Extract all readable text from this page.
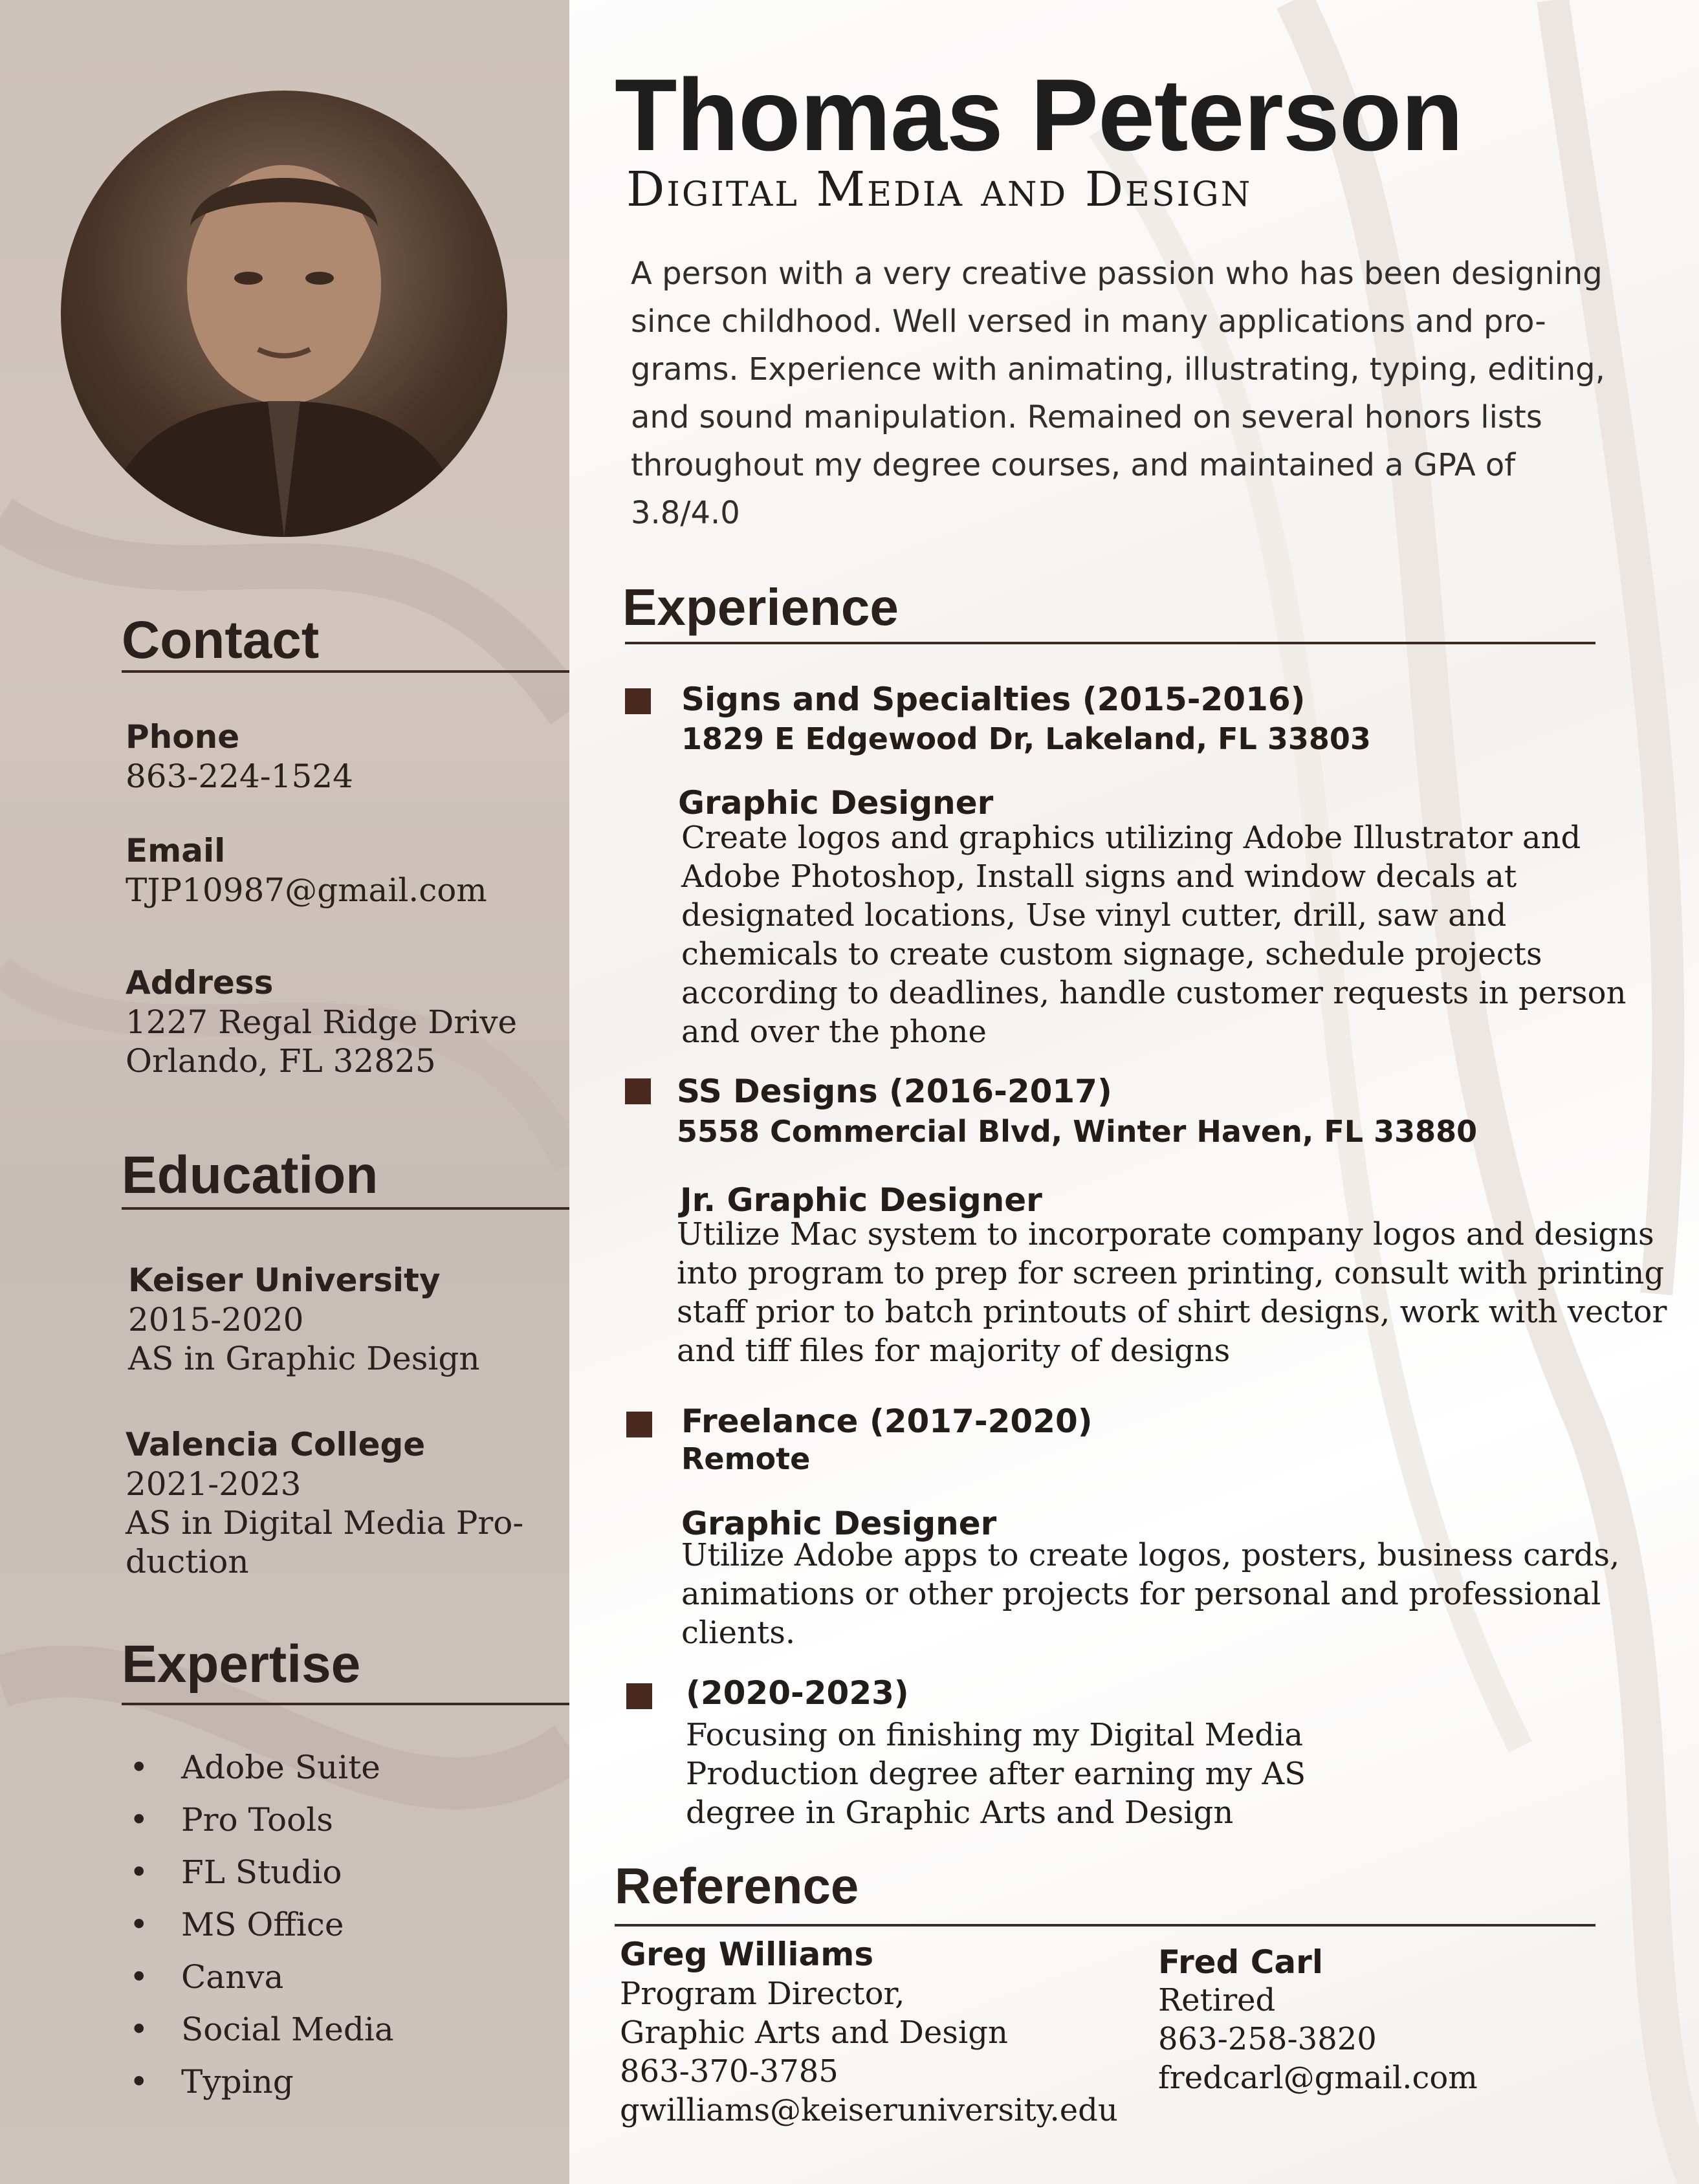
Contact

Phone

863-224-1524

Email

TJP10987@gmail.com

Address

1227 Regal Ridge Drive

Orlando, FL 32825

Education

Keiser University

2015-2020

AS in Graphic Design

Valencia College

2021-2023

AS in Digital Media Pro-

duction

Expertise
• Adobe Suite
• Pro Tools
• FL Studio
• MS Office
• Canva
• Social Media
• Typing
Thomas Peterson

Digital Media and Design

A person with a very creative passion who has been designing
since childhood. Well versed in many applications and pro-
grams. Experience with animating, illustrating, typing, editing,
and sound manipulation. Remained on several honors lists
throughout my degree courses, and maintained a GPA of
3.8/4.0
Experience

Signs and Specialties (2015-2016)

1829 E Edgewood Dr, Lakeland, FL 33803

Graphic Designer

Create logos and graphics utilizing Adobe Illustrator and
Adobe Photoshop, Install signs and window decals at
designated locations, Use vinyl cutter, drill, saw and
chemicals to create custom signage, schedule projects
according to deadlines, handle customer requests in person
and over the phone

SS Designs (2016-2017)

5558 Commercial Blvd, Winter Haven, FL 33880

Jr. Graphic Designer

Utilize Mac system to incorporate company logos and designs
into program to prep for screen printing, consult with printing
staff prior to batch printouts of shirt designs, work with vector
and tiff files for majority of designs

Freelance (2017-2020)

Remote

Graphic Designer

Utilize Adobe apps to create logos, posters, business cards,
animations or other projects for personal and professional
clients.

(2020-2023)

Focusing on finishing my Digital Media
Production degree after earning my AS
degree in Graphic Arts and Design
Reference

Greg Williams

Program Director,
Graphic Arts and Design
863-370-3785
gwilliams@keiseruniversity.edu

Fred Carl

Retired
863-258-3820
fredcarl@gmail.com
